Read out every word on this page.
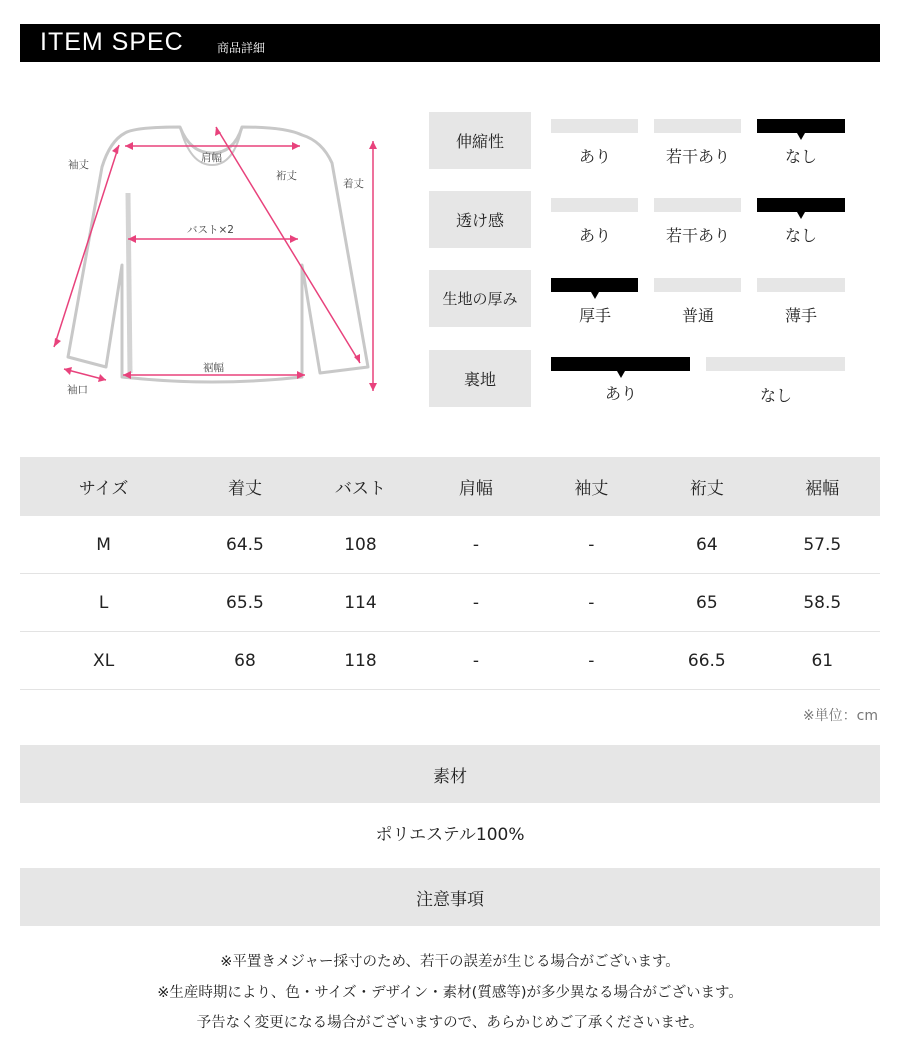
ITEM SPEC	商品詳細
袖丈
肩幅
裄丈
着丈
バスト×2
裾幅
袖口
伸縮性
あり	若干あり	なし
透け感
あり	若干あり	なし
生地の厚み
厚手	普通	薄手
裏地
あり	なし
サイズ	着丈	バスト	肩幅	袖丈	裄丈	裾幅
M	64.5	108	-	-	64	57.5
L	65.5	114	-	-	65	58.5
XL	68	118	-	-	66.5	61
※単位：cm
素材
ポリエステル100%
注意事項
※平置きメジャー採寸のため、若干の誤差が生じる場合がございます。
※生産時期により、色・サイズ・デザイン・素材(質感等)が多少異なる場合がございます。
予告なく変更になる場合がございますので、あらかじめご了承くださいませ。
